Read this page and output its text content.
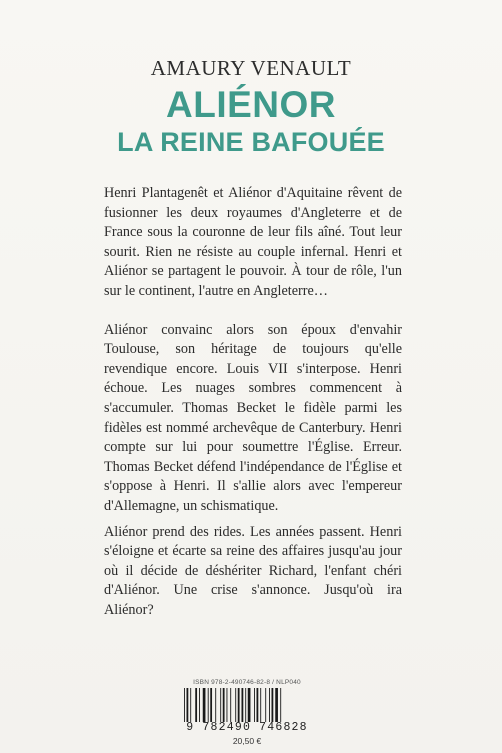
AMAURY VENAULT
ALIÉNOR
LA REINE BAFOUÉE

Henri Plantagenêt et Aliénor d'Aquitaine rêvent de fusionner les deux royaumes d'Angleterre et de France sous la couronne de leur fils aîné. Tout leur sourit. Rien ne résiste au couple infernal. Henri et Aliénor se partagent le pouvoir. À tour de rôle, l'un sur le continent, l'autre en Angleterre…

Aliénor convainc alors son époux d'envahir Toulouse, son héritage de toujours qu'elle revendique encore. Louis VII s'interpose. Henri échoue. Les nuages sombres commencent à s'accumuler. Thomas Becket le fidèle parmi les fidèles est nommé archevêque de Canterbury. Henri compte sur lui pour soumettre l'Église. Erreur. Thomas Becket défend l'indépendance de l'Église et s'oppose à Henri. Il s'allie alors avec l'empereur d'Allemagne, un schismatique.

Aliénor prend des rides. Les années passent. Henri s'éloigne et écarte sa reine des affaires jusqu'au jour où il décide de déshériter Richard, l'enfant chéri d'Aliénor. Une crise s'annonce. Jusqu'où ira Aliénor?

ISBN 978-2-490746-82-8 / NLP040
9 782490 746828
20,50 €
